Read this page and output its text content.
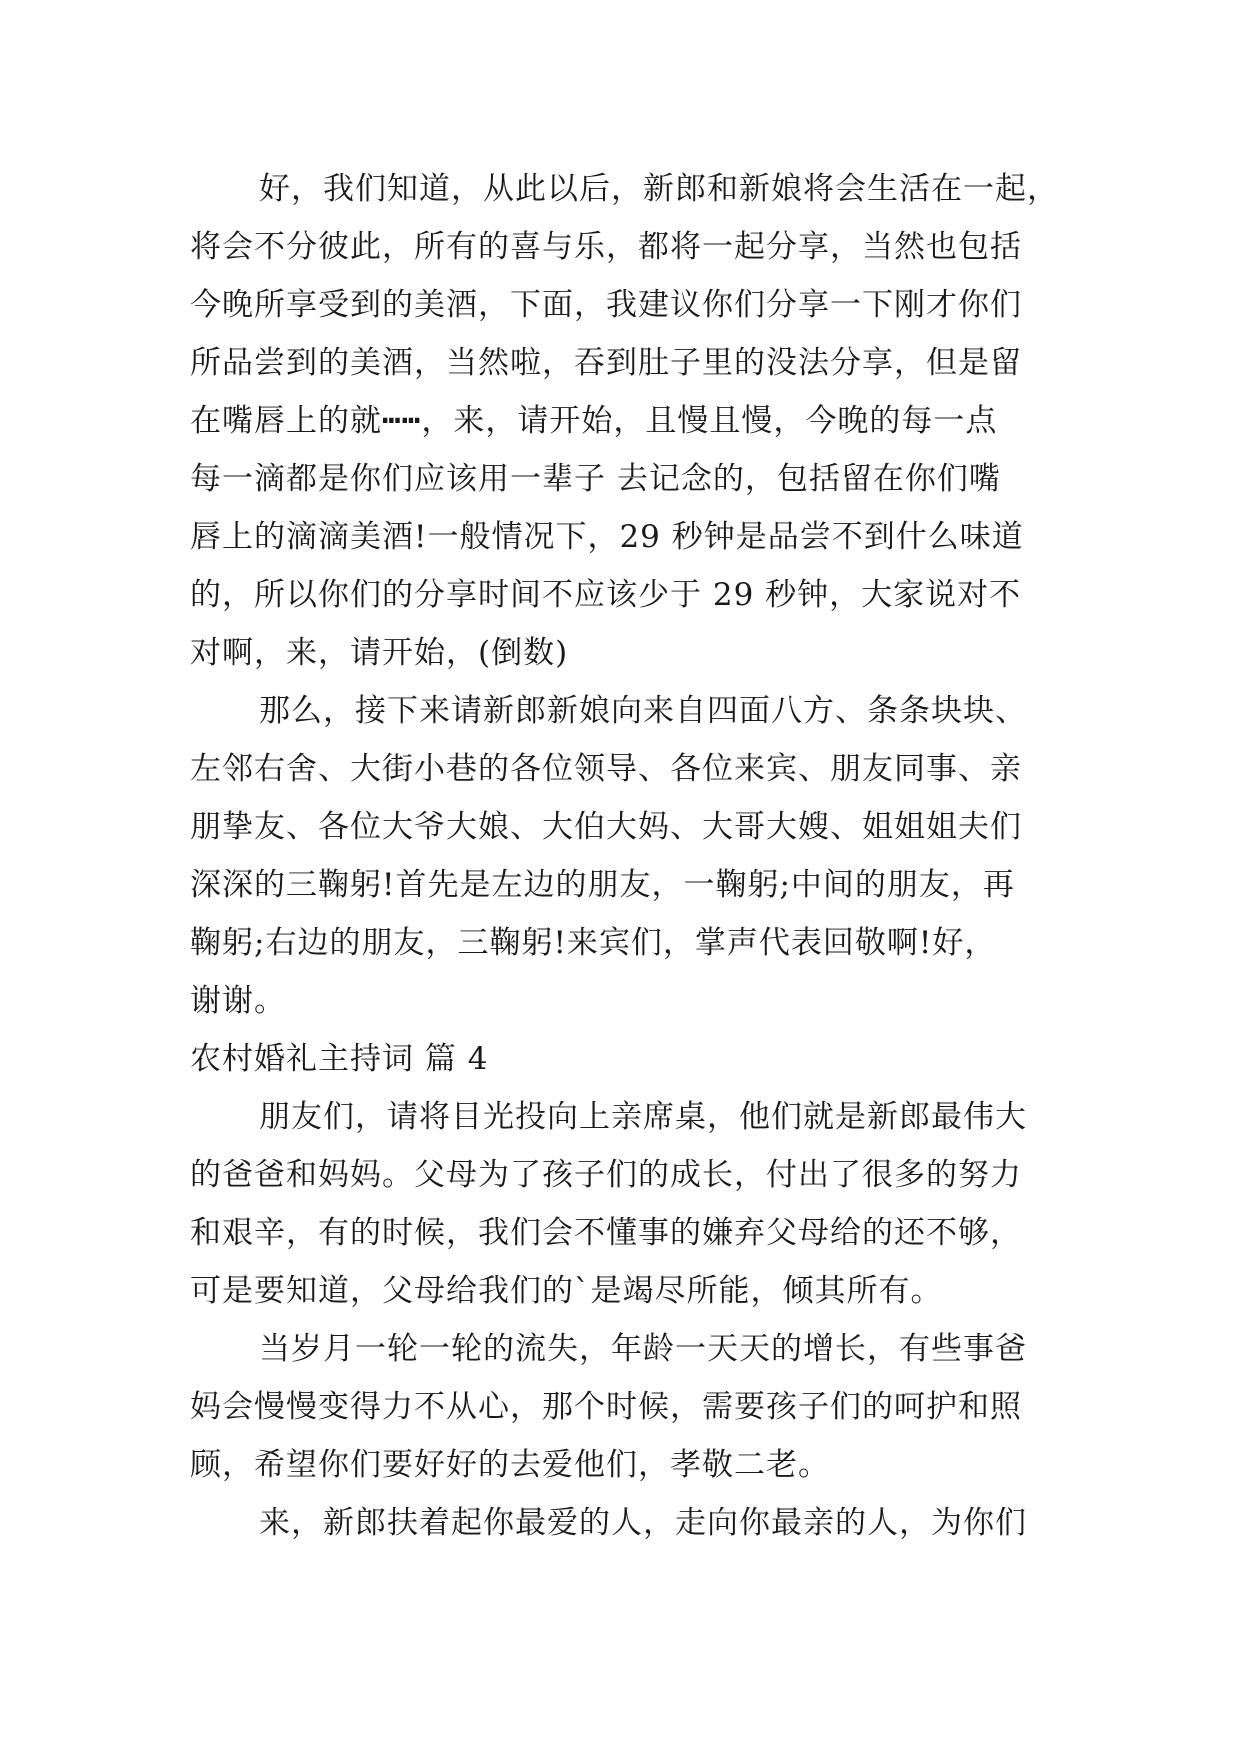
好，我们知道，从此以后，新郎和新娘将会生活在一起，
将会不分彼此，所有的喜与乐，都将一起分享，当然也包括
今晚所享受到的美酒，下面，我建议你们分享一下刚才你们
所品尝到的美酒，当然啦，吞到肚子里的没法分享，但是留
在嘴唇上的就┅┅，来，请开始，且慢且慢，今晚的每一点
每一滴都是你们应该用一辈子 去记念的，包括留在你们嘴
唇上的滴滴美酒!一般情况下，29 秒钟是品尝不到什么味道
的，所以你们的分享时间不应该少于 29 秒钟，大家说对不
对啊，来，请开始，(倒数)
那么，接下来请新郎新娘向来自四面八方、条条块块、
左邻右舍、大街小巷的各位领导、各位来宾、朋友同事、亲
朋挚友、各位大爷大娘、大伯大妈、大哥大嫂、姐姐姐夫们
深深的三鞠躬!首先是左边的朋友，一鞠躬;中间的朋友，再
鞠躬;右边的朋友，三鞠躬!来宾们，掌声代表回敬啊!好，
谢谢。
农村婚礼主持词 篇 4
朋友们，请将目光投向上亲席桌，他们就是新郎最伟大
的爸爸和妈妈。父母为了孩子们的成长，付出了很多的努力
和艰辛，有的时候，我们会不懂事的嫌弃父母给的还不够，
可是要知道，父母给我们的`是竭尽所能，倾其所有。
当岁月一轮一轮的流失，年龄一天天的增长，有些事爸
妈会慢慢变得力不从心，那个时候，需要孩子们的呵护和照
顾，希望你们要好好的去爱他们，孝敬二老。
来，新郎扶着起你最爱的人，走向你最亲的人，为你们
